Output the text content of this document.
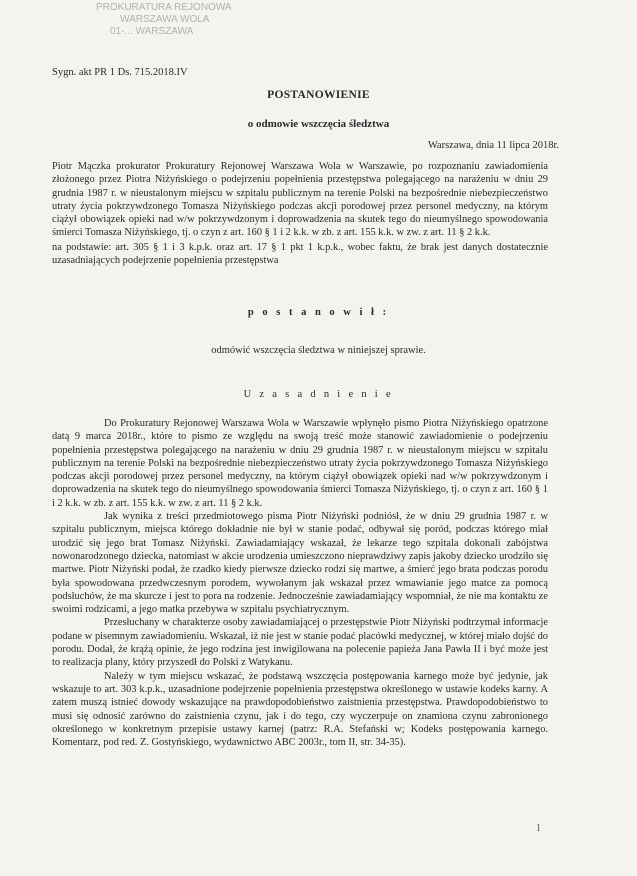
PROKURATURA REJONOWA
WARSZAWA WOLA
01-... WARSZAWA
Sygn. akt PR 1 Ds. 715.2018.IV
POSTANOWIENIE
o odmowie wszczęcia śledztwa
Warszawa, dnia 11 lipca 2018r.
Piotr Mączka prokurator Prokuratury Rejonowej Warszawa Wola w Warszawie, po rozpoznaniu zawiadomienia złożonego przez Piotra Niżyńskiego o podejrzeniu popełnienia przestępstwa polegającego na narażeniu w dniu 29 grudnia 1987 r. w nieustalonym miejscu w szpitalu publicznym na terenie Polski na bezpośrednie niebezpieczeństwo utraty życia pokrzywdzonego Tomasza Niżyńskiego podczas akcji porodowej przez personel medyczny, na którym ciążył obowiązek opieki nad w/w pokrzywdzonym i doprowadzenia na skutek tego do nieumyślnego spowodowania śmierci Tomasza Niżyńskiego, tj. o czyn z art. 160 § 1 i 2 k.k. w zb. z art. 155 k.k. w zw. z art. 11 § 2 k.k.
na podstawie: art. 305 § 1 i 3 k.p.k. oraz art. 17 § 1 pkt 1 k.p.k., wobec faktu, że brak jest danych dostatecznie uzasadniających podejrzenie popełnienia przestępstwa
p o s t a n o w i ł :
odmówić wszczęcia śledztwa w niniejszej sprawie.
U z a s a d n i e n i e

Do Prokuratury Rejonowej Warszawa Wola w Warszawie wpłynęło pismo Piotra Niżyńskiego opatrzone datą 9 marca 2018r., które to pismo ze względu na swoją treść może stanowić zawiadomienie o podejrzeniu popełnienia przestępstwa polegającego na narażeniu w dniu 29 grudnia 1987 r. w nieustalonym miejscu w szpitalu publicznym na terenie Polski na bezpośrednie niebezpieczeństwo utraty życia pokrzywdzonego Tomasza Niżyńskiego podczas akcji porodowej przez personel medyczny, na którym ciążył obowiązek opieki nad w/w pokrzywdzonym i doprowadzenia na skutek tego do nieumyślnego spowodowania śmierci Tomasza Niżyńskiego, tj. o czyn z art. 160 § 1 i 2 k.k. w zb. z art. 155 k.k. w zw. z art. 11 § 2 k.k.

Jak wynika z treści przedmiotowego pisma Piotr Niżyński podniósł, że w dniu 29 grudnia 1987 r. w szpitalu publicznym, miejsca którego dokładnie nie był w stanie podać, odbywał się poród, podczas którego miał urodzić się jego brat Tomasz Niżyński. Zawiadamiający wskazał, że lekarze tego szpitala dokonali zabójstwa nowonarodzonego dziecka, natomiast w akcie urodzenia umieszczono nieprawdziwy zapis jakoby dziecko urodziło się martwe. Piotr Niżyński podał, że rzadko kiedy pierwsze dziecko rodzi się martwe, a śmierć jego brata podczas porodu była spowodowana przedwczesnym porodem, wywołanym jak wskazał przez wmawianie jego matce za pomocą podsłuchów, że ma skurcze i jest to pora na rodzenie. Jednocześnie zawiadamiający wspomniał, że nie ma kontaktu ze swoimi rodzicami, a jego matka przebywa w szpitalu psychiatrycznym.

Przesłuchany w charakterze osoby zawiadamiającej o przestępstwie Piotr Niżyński podtrzymał informacje podane w pisemnym zawiadomieniu. Wskazał, iż nie jest w stanie podać placówki medycznej, w której miało dojść do porodu. Dodał, że krążą opinie, że jego rodzina jest inwigilowana na polecenie papieża Jana Pawła II i być może jest to realizacja plany, który przyszedł do Polski z Watykanu.

Należy w tym miejscu wskazać, że podstawą wszczęcia postępowania karnego może być jedynie, jak wskazuje to art. 303 k.p.k., uzasadnione podejrzenie popełnienia przestępstwa określonego w ustawie kodeks karny. A zatem muszą istnieć dowody wskazujące na prawdopodobieństwo zaistnienia przestępstwa. Prawdopodobieństwo to musi się odnosić zarówno do zaistnienia czynu, jak i do tego, czy wyczerpuje on znamiona czynu zabronionego określonego w konkretnym przepisie ustawy karnej (patrz: R.A. Stefański w; Kodeks postępowania karnego. Komentarz, pod red. Z. Gostyńskiego, wydawnictwo ABC 2003r., tom II, str. 34-35).

1
